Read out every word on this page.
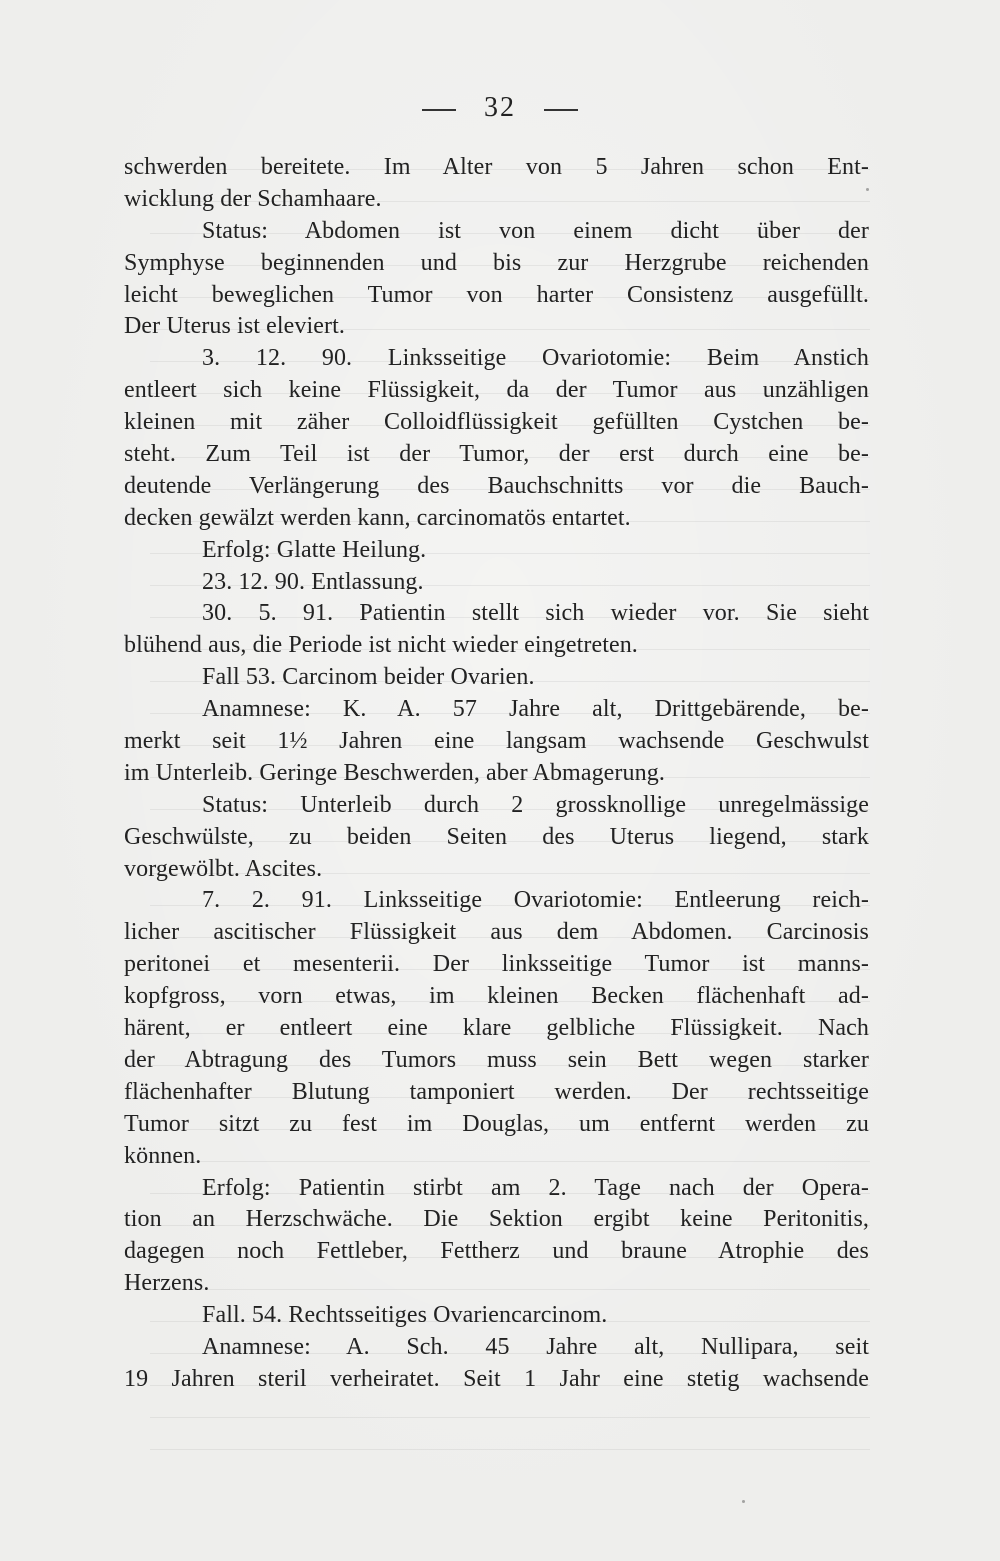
32
schwerden bereitete. Im Alter von 5 Jahren schon Ent-
wicklung der Schamhaare.
Status: Abdomen ist von einem dicht über der
Symphyse beginnenden und bis zur Herzgrube reichenden
leicht beweglichen Tumor von harter Consistenz ausgefüllt.
Der Uterus ist eleviert.
3. 12. 90. Linksseitige Ovariotomie: Beim Anstich
entleert sich keine Flüssigkeit, da der Tumor aus unzähligen
kleinen mit zäher Colloidflüssigkeit gefüllten Cystchen be-
steht. Zum Teil ist der Tumor, der erst durch eine be-
deutende Verlängerung des Bauchschnitts vor die Bauch-
decken gewälzt werden kann, carcinomatös entartet.
Erfolg: Glatte Heilung.
23. 12. 90. Entlassung.
30. 5. 91. Patientin stellt sich wieder vor. Sie sieht
blühend aus, die Periode ist nicht wieder eingetreten.
Fall 53. Carcinom beider Ovarien.
Anamnese: K. A. 57 Jahre alt, Drittgebärende, be-
merkt seit 1½ Jahren eine langsam wachsende Geschwulst
im Unterleib. Geringe Beschwerden, aber Abmagerung.
Status: Unterleib durch 2 grossknollige unregelmässige
Geschwülste, zu beiden Seiten des Uterus liegend, stark
vorgewölbt. Ascites.
7. 2. 91. Linksseitige Ovariotomie: Entleerung reich-
licher ascitischer Flüssigkeit aus dem Abdomen. Carcinosis
peritonei et mesenterii. Der linksseitige Tumor ist manns-
kopfgross, vorn etwas, im kleinen Becken flächenhaft ad-
härent, er entleert eine klare gelbliche Flüssigkeit. Nach
der Abtragung des Tumors muss sein Bett wegen starker
flächenhafter Blutung tamponiert werden. Der rechtsseitige
Tumor sitzt zu fest im Douglas, um entfernt werden zu
können.
Erfolg: Patientin stirbt am 2. Tage nach der Opera-
tion an Herzschwäche. Die Sektion ergibt keine Peritonitis,
dagegen noch Fettleber, Fettherz und braune Atrophie des
Herzens.
Fall. 54. Rechtsseitiges Ovariencarcinom.
Anamnese: A. Sch. 45 Jahre alt, Nullipara, seit
19 Jahren steril verheiratet. Seit 1 Jahr eine stetig wachsende
